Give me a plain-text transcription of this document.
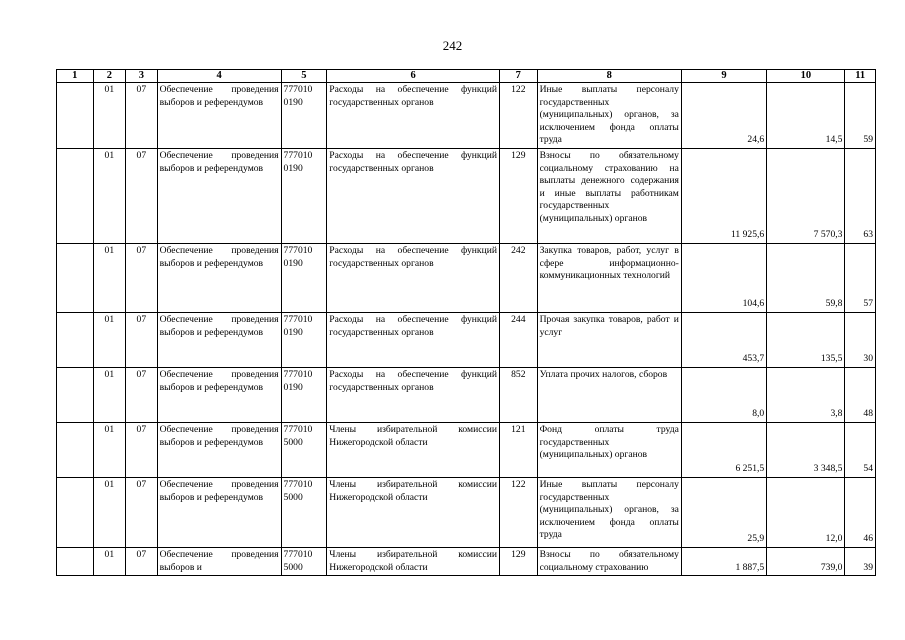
242
1	2	3	4	5	6	7	8	9	10	11
	01	07	Обеспечение проведения выборов и референдумов	777010 0190	Расходы на обеспечение функций государственных органов	122	Иные выплаты персоналу государственных (муниципальных) органов, за исключением фонда оплаты труда	24,6	14,5	59
	01	07	Обеспечение проведения выборов и референдумов	777010 0190	Расходы на обеспечение функций государственных органов	129	Взносы по обязательному социальному страхованию на выплаты денежного содержания и иные выплаты работникам государственных (муниципальных) органов	11 925,6	7 570,3	63
	01	07	Обеспечение проведения выборов и референдумов	777010 0190	Расходы на обеспечение функций государственных органов	242	Закупка товаров, работ, услуг в сфере информационно-коммуникационных технологий	104,6	59,8	57
	01	07	Обеспечение проведения выборов и референдумов	777010 0190	Расходы на обеспечение функций государственных органов	244	Прочая закупка товаров, работ и услуг	453,7	135,5	30
	01	07	Обеспечение проведения выборов и референдумов	777010 0190	Расходы на обеспечение функций государственных органов	852	Уплата прочих налогов, сборов	8,0	3,8	48
	01	07	Обеспечение проведения выборов и референдумов	777010 5000	Члены избирательной комиссии Нижегородской области	121	Фонд оплаты труда государственных (муниципальных) органов	6 251,5	3 348,5	54
	01	07	Обеспечение проведения выборов и референдумов	777010 5000	Члены избирательной комиссии Нижегородской области	122	Иные выплаты персоналу государственных (муниципальных) органов, за исключением фонда оплаты труда	25,9	12,0	46
	01	07	Обеспечение проведения выборов и	777010 5000	Члены избирательной комиссии Нижегородской области	129	Взносы по обязательному социальному страхованию	1 887,5	739,0	39
